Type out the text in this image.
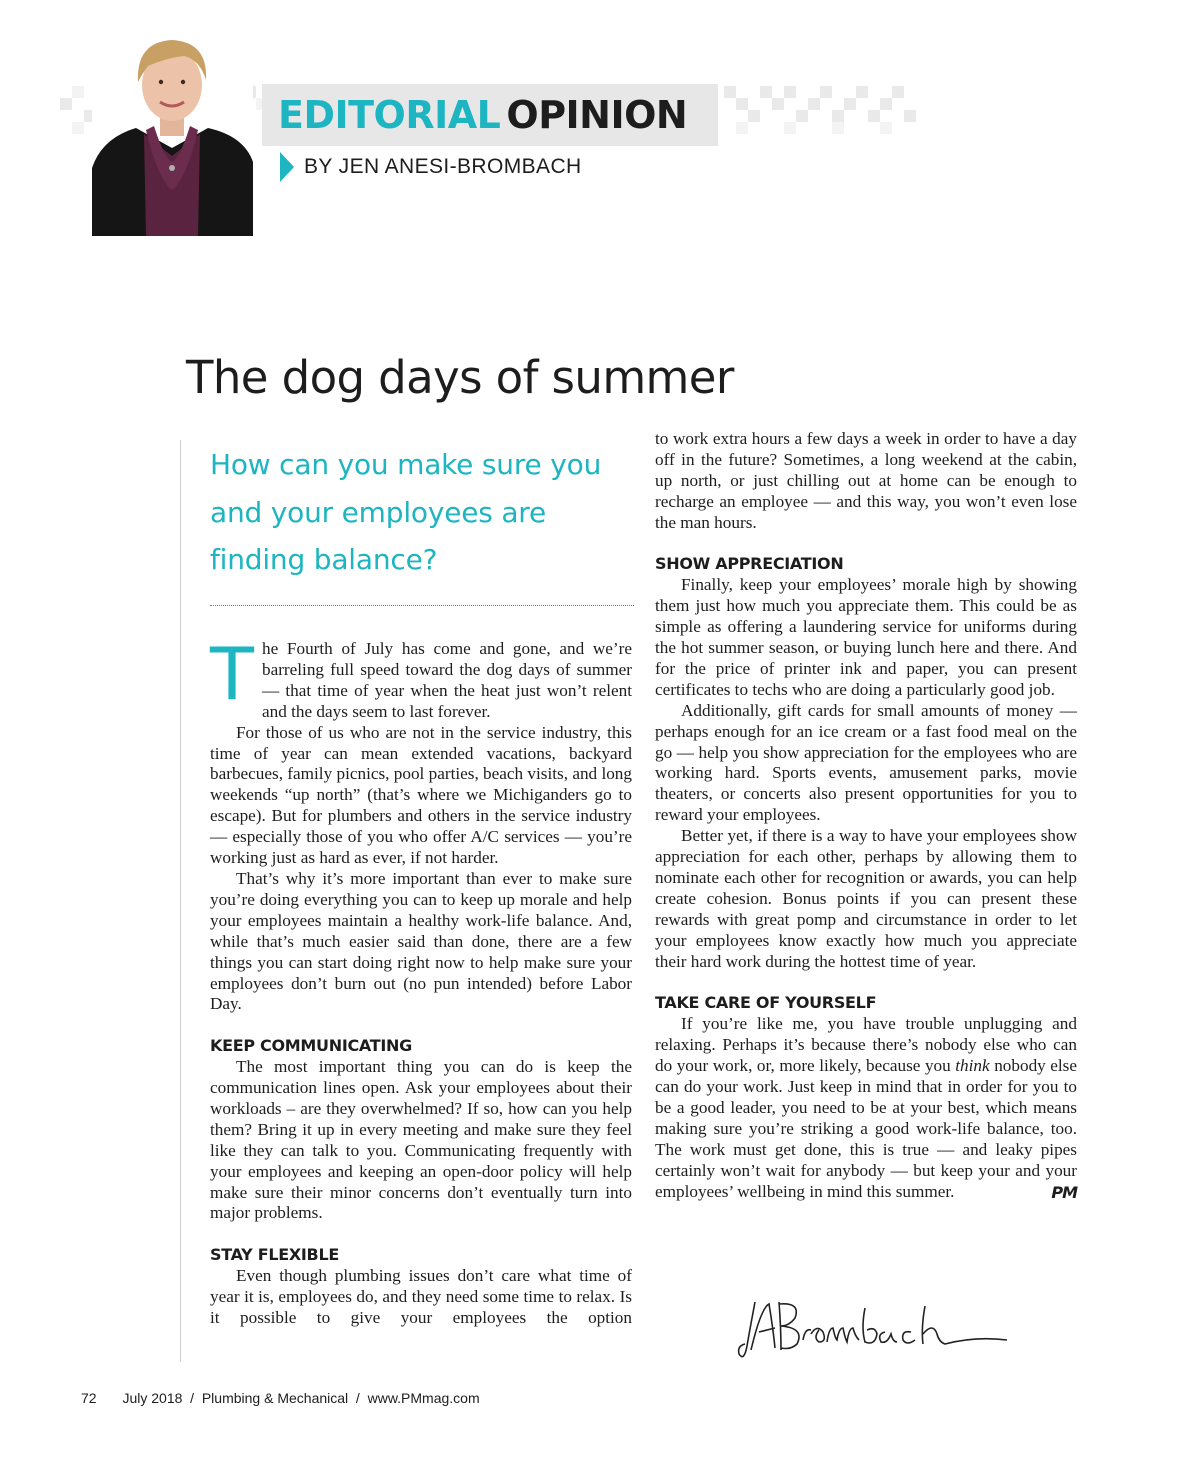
EDITORIAL OPINION
BY JEN ANESI-BROMBACH
The dog days of summer
How can you make sure you and your employees are finding balance?

The Fourth of July has come and gone, and we’re barreling full speed toward the dog days of summer — that time of year when the heat just won’t relent and the days seem to last forever.

For those of us who are not in the service industry, this time of year can mean extended vacations, backyard barbecues, family picnics, pool parties, beach visits, and long weekends “up north” (that’s where we Michiganders go to escape). But for plumbers and others in the service industry — especially those of you who offer A/C services — you’re working just as hard as ever, if not harder.

That’s why it’s more important than ever to make sure you’re doing everything you can to keep up morale and help your employees maintain a healthy work-life balance. And, while that’s much easier said than done, there are a few things you can start doing right now to help make sure your employees don’t burn out (no pun intended) before Labor Day.

KEEP COMMUNICATING

The most important thing you can do is keep the communication lines open. Ask your employees about their workloads – are they overwhelmed? If so, how can you help them? Bring it up in every meeting and make sure they feel like they can talk to you. Communicating frequently with your employees and keeping an open-door policy will help make sure their minor concerns don’t eventually turn into major problems.

STAY FLEXIBLE

Even though plumbing issues don’t care what time of year it is, employees do, and they need some time to relax. Is it possible to give your employees the option

to work extra hours a few days a week in order to have a day off in the future? Sometimes, a long weekend at the cabin, up north, or just chilling out at home can be enough to recharge an employee — and this way, you won’t even lose the man hours.

SHOW APPRECIATION

Finally, keep your employees’ morale high by showing them just how much you appreciate them. This could be as simple as offering a laundering service for uniforms during the hot summer season, or buying lunch here and there. And for the price of printer ink and paper, you can present certificates to techs who are doing a particularly good job.

Additionally, gift cards for small amounts of money — perhaps enough for an ice cream or a fast food meal on the go — help you show appreciation for the employees who are working hard. Sports events, amusement parks, movie theaters, or concerts also present opportunities for you to reward your employees.

Better yet, if there is a way to have your employees show appreciation for each other, perhaps by allowing them to nominate each other for recognition or awards, you can help create cohesion. Bonus points if you can present these rewards with great pomp and circumstance in order to let your employees know exactly how much you appreciate their hard work during the hottest time of year.

TAKE CARE OF YOURSELF

If you’re like me, you have trouble unplugging and relaxing. Perhaps it’s because there’s nobody else who can do your work, or, more likely, because you think nobody else can do your work. Just keep in mind that in order for you to be a good leader, you need to be at your best, which means making sure you’re striking a good work-life balance, too. The work must get done, this is true — and leaky pipes certainly won’t wait for anybody — but keep your and your employees’ wellbeing in mind this summer.	PM

72 July 2018  /  Plumbing & Mechanical  /  www.PMmag.com
